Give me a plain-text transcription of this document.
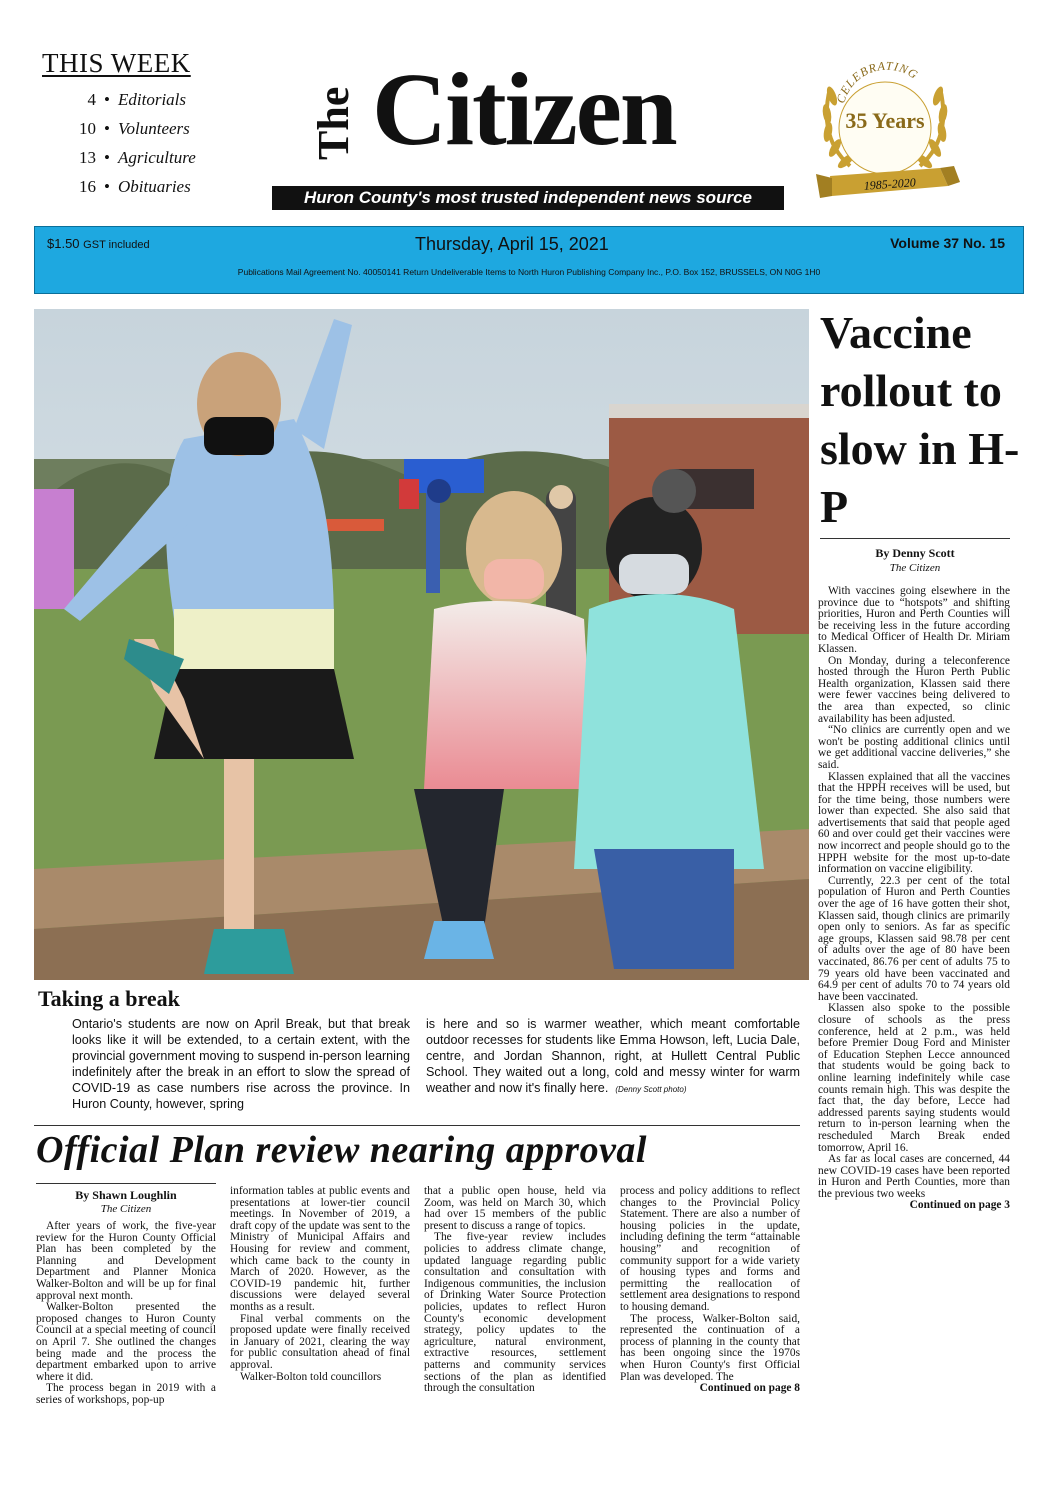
THIS WEEK
4 • Editorials
10 • Volunteers
13 • Agriculture
16 • Obituaries
The Citizen
Huron County's most trusted independent news source
CELEBRATING
35 Years
1985-2020
$1.50 GST included	Thursday, April 15, 2021	Volume 37 No. 15
Publications Mail Agreement No. 40050141 Return Undeliverable Items to North Huron Publishing Company Inc., P.O. Box 152, BRUSSELS, ON N0G 1H0
Taking a break
Ontario's students are now on April Break, but that break looks like it will be extended, to a certain extent, with the provincial government moving to suspend in-person learning indefinitely after the break in an effort to slow the spread of COVID-19 as case numbers rise across the province. In Huron County, however, spring
is here and so is warmer weather, which meant comfortable outdoor recesses for students like Emma Howson, left, Lucia Dale, centre, and Jordan Shannon, right, at Hullett Central Public School. They waited out a long, cold and messy winter for warm weather and now it's finally here. (Denny Scott photo)
Vaccine rollout to slow in H-P
By Denny Scott
The Citizen

With vaccines going elsewhere in the province due to “hotspots” and shifting priorities, Huron and Perth Counties will be receiving less in the future according to Medical Officer of Health Dr. Miriam Klassen.

On Monday, during a teleconference hosted through the Huron Perth Public Health organization, Klassen said there were fewer vaccines being delivered to the area than expected, so clinic availability has been adjusted.

“No clinics are currently open and we won't be posting additional clinics until we get additional vaccine deliveries,” she said.

Klassen explained that all the vaccines that the HPPH receives will be used, but for the time being, those numbers were lower than expected. She also said that advertisements that said that people aged 60 and over could get their vaccines were now incorrect and people should go to the HPPH website for the most up-to-date information on vaccine eligibility.

Currently, 22.3 per cent of the total population of Huron and Perth Counties over the age of 16 have gotten their shot, Klassen said, though clinics are primarily open only to seniors. As far as specific age groups, Klassen said 98.78 per cent of adults over the age of 80 have been vaccinated, 86.76 per cent of adults 75 to 79 years old have been vaccinated and 64.9 per cent of adults 70 to 74 years old have been vaccinated.

Klassen also spoke to the possible closure of schools as the press conference, held at 2 p.m., was held before Premier Doug Ford and Minister of Education Stephen Lecce announced that students would be going back to online learning indefinitely while case counts remain high. This was despite the fact that, the day before, Lecce had addressed parents saying students would return to in-person learning when the rescheduled March Break ended tomorrow, April 16.

As far as local cases are concerned, 44 new COVID-19 cases have been reported in Huron and Perth Counties, more than the previous two weeks

Continued on page 3
Official Plan review nearing approval
By Shawn Loughlin
The Citizen

After years of work, the five-year review for the Huron County Official Plan has been completed by the Planning and Development Department and Planner Monica Walker-Bolton and will be up for final approval next month.

Walker-Bolton presented the proposed changes to Huron County Council at a special meeting of council on April 7. She outlined the changes being made and the process the department embarked upon to arrive where it did.

The process began in 2019 with a series of workshops, pop-up

information tables at public events and presentations at lower-tier council meetings. In November of 2019, a draft copy of the update was sent to the Ministry of Municipal Affairs and Housing for review and comment, which came back to the county in March of 2020. However, as the COVID-19 pandemic hit, further discussions were delayed several months as a result.

Final verbal comments on the proposed update were finally received in January of 2021, clearing the way for public consultation ahead of final approval.

Walker-Bolton told councillors

that a public open house, held via Zoom, was held on March 30, which had over 15 members of the public present to discuss a range of topics.

The five-year review includes policies to address climate change, updated language regarding public consultation and consultation with Indigenous communities, the inclusion of Drinking Water Source Protection policies, updates to reflect Huron County's economic development strategy, policy updates to the agriculture, natural environment, extractive resources, settlement patterns and community services sections of the plan as identified through the consultation

process and policy additions to reflect changes to the Provincial Policy Statement. There are also a number of housing policies in the update, including defining the term “attainable housing” and recognition of community support for a wide variety of housing types and forms and permitting the reallocation of settlement area designations to respond to housing demand.

The process, Walker-Bolton said, represented the continuation of a process of planning in the county that has been ongoing since the 1970s when Huron County's first Official Plan was developed. The

Continued on page 8
